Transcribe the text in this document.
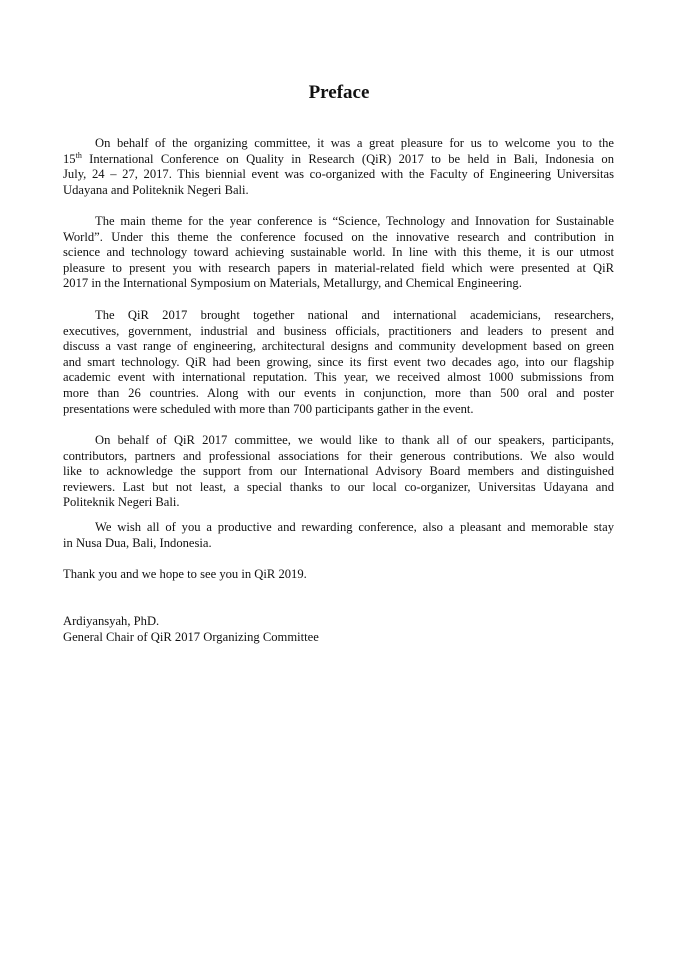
Preface
On behalf of the organizing committee, it was a great pleasure for us to welcome you to the
15th International Conference on Quality in Research (QiR) 2017 to be held in Bali, Indonesia on
July, 24 – 27, 2017. This biennial event was co-organized with the Faculty of Engineering Universitas
Udayana and Politeknik Negeri Bali.
The main theme for the year conference is “Science, Technology and Innovation for Sustainable
World”. Under this theme the conference focused on the innovative research and contribution in
science and technology toward achieving sustainable world. In line with this theme, it is our utmost
pleasure to present you with research papers in material-related field which were presented at QiR
2017 in the International Symposium on Materials, Metallurgy, and Chemical Engineering.
The QiR 2017 brought together national and international academicians, researchers,
executives, government, industrial and business officials, practitioners and leaders to present and
discuss a vast range of engineering, architectural designs and community development based on green
and smart technology. QiR had been growing, since its first event two decades ago, into our flagship
academic event with international reputation. This year, we received almost 1000 submissions from
more than 26 countries. Along with our events in conjunction, more than 500 oral and poster
presentations were scheduled with more than 700 participants gather in the event.
On behalf of QiR 2017 committee, we would like to thank all of our speakers, participants,
contributors, partners and professional associations for their generous contributions. We also would
like to acknowledge the support from our International Advisory Board members and distinguished
reviewers. Last but not least, a special thanks to our local co-organizer, Universitas Udayana and
Politeknik Negeri Bali.
We wish all of you a productive and rewarding conference, also a pleasant and memorable stay
in Nusa Dua, Bali, Indonesia.
Thank you and we hope to see you in QiR 2019.
Ardiyansyah, PhD.
General Chair of QiR 2017 Organizing Committee
